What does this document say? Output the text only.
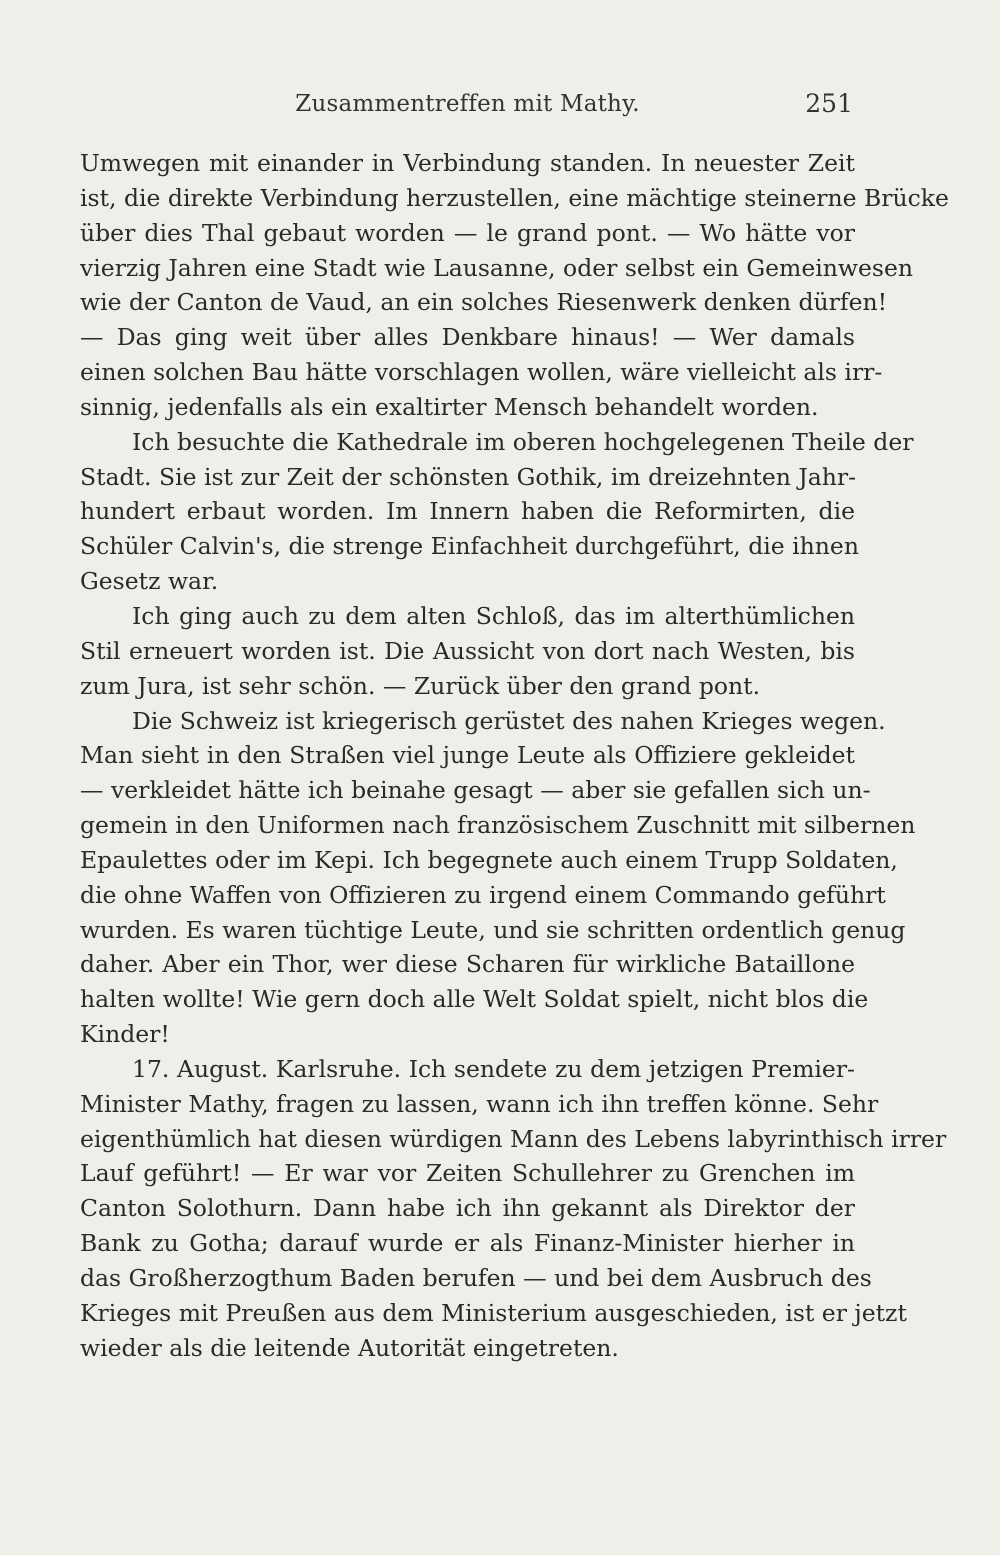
Zusammentreffen mit Mathy.	251
Umwegen mit einander in Verbindung standen. In neuester Zeit
ist, die direkte Verbindung herzustellen, eine mächtige steinerne Brücke
über dies Thal gebaut worden — le grand pont. — Wo hätte vor
vierzig Jahren eine Stadt wie Lausanne, oder selbst ein Gemeinwesen
wie der Canton de Vaud, an ein solches Riesenwerk denken dürfen!
— Das ging weit über alles Denkbare hinaus! — Wer damals
einen solchen Bau hätte vorschlagen wollen, wäre vielleicht als irr-
sinnig, jedenfalls als ein exaltirter Mensch behandelt worden.
Ich besuchte die Kathedrale im oberen hochgelegenen Theile der
Stadt. Sie ist zur Zeit der schönsten Gothik, im dreizehnten Jahr-
hundert erbaut worden. Im Innern haben die Reformirten, die
Schüler Calvin's, die strenge Einfachheit durchgeführt, die ihnen
Gesetz war.
Ich ging auch zu dem alten Schloß, das im alterthümlichen
Stil erneuert worden ist. Die Aussicht von dort nach Westen, bis
zum Jura, ist sehr schön. — Zurück über den grand pont.
Die Schweiz ist kriegerisch gerüstet des nahen Krieges wegen.
Man sieht in den Straßen viel junge Leute als Offiziere gekleidet
— verkleidet hätte ich beinahe gesagt — aber sie gefallen sich un-
gemein in den Uniformen nach französischem Zuschnitt mit silbernen
Epaulettes oder im Kepi. Ich begegnete auch einem Trupp Soldaten,
die ohne Waffen von Offizieren zu irgend einem Commando geführt
wurden. Es waren tüchtige Leute, und sie schritten ordentlich genug
daher. Aber ein Thor, wer diese Scharen für wirkliche Bataillone
halten wollte! Wie gern doch alle Welt Soldat spielt, nicht blos die
Kinder!
17. August. Karlsruhe. Ich sendete zu dem jetzigen Premier-
Minister Mathy, fragen zu lassen, wann ich ihn treffen könne. Sehr
eigenthümlich hat diesen würdigen Mann des Lebens labyrinthisch irrer
Lauf geführt! — Er war vor Zeiten Schullehrer zu Grenchen im
Canton Solothurn. Dann habe ich ihn gekannt als Direktor der
Bank zu Gotha; darauf wurde er als Finanz-Minister hierher in
das Großherzogthum Baden berufen — und bei dem Ausbruch des
Krieges mit Preußen aus dem Ministerium ausgeschieden, ist er jetzt
wieder als die leitende Autorität eingetreten.
